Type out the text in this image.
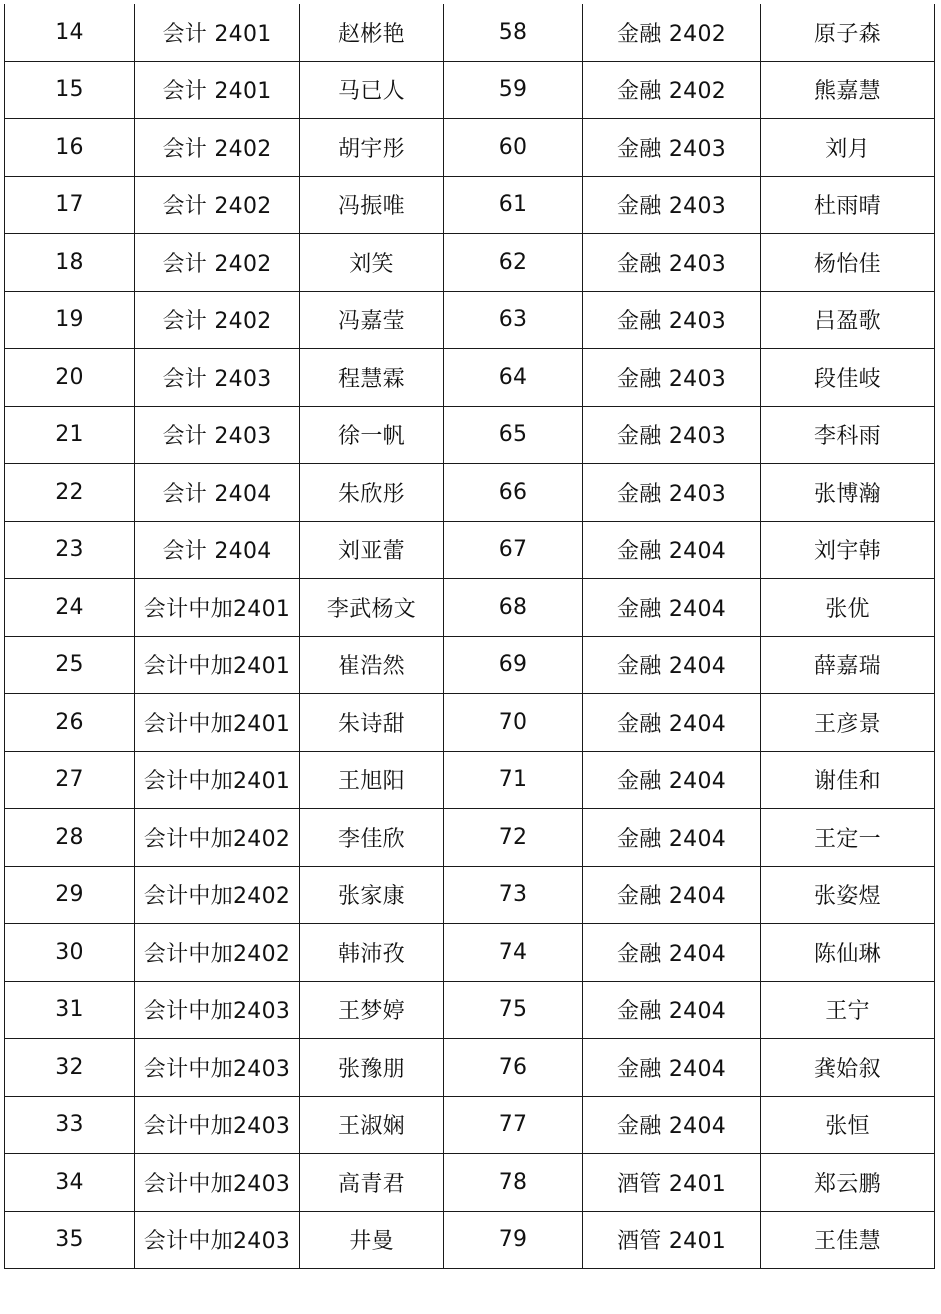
14	会计 2401	赵彬艳	58	金融 2402	原子森
15	会计 2401	马已人	59	金融 2402	熊嘉慧
16	会计 2402	胡宇彤	60	金融 2403	刘月
17	会计 2402	冯振唯	61	金融 2403	杜雨晴
18	会计 2402	刘笑	62	金融 2403	杨怡佳
19	会计 2402	冯嘉莹	63	金融 2403	吕盈歌
20	会计 2403	程慧霖	64	金融 2403	段佳岐
21	会计 2403	徐一帆	65	金融 2403	李科雨
22	会计 2404	朱欣彤	66	金融 2403	张博瀚
23	会计 2404	刘亚蕾	67	金融 2404	刘宇韩
24	会计中加2401	李武杨文	68	金融 2404	张优
25	会计中加2401	崔浩然	69	金融 2404	薛嘉瑞
26	会计中加2401	朱诗甜	70	金融 2404	王彦景
27	会计中加2401	王旭阳	71	金融 2404	谢佳和
28	会计中加2402	李佳欣	72	金融 2404	王定一
29	会计中加2402	张家康	73	金融 2404	张姿煜
30	会计中加2402	韩沛孜	74	金融 2404	陈仙琳
31	会计中加2403	王梦婷	75	金融 2404	王宁
32	会计中加2403	张豫朋	76	金融 2404	龚姶叙
33	会计中加2403	王淑娴	77	金融 2404	张恒
34	会计中加2403	高青君	78	酒管 2401	郑云鹏
35	会计中加2403	井曼	79	酒管 2401	王佳慧
